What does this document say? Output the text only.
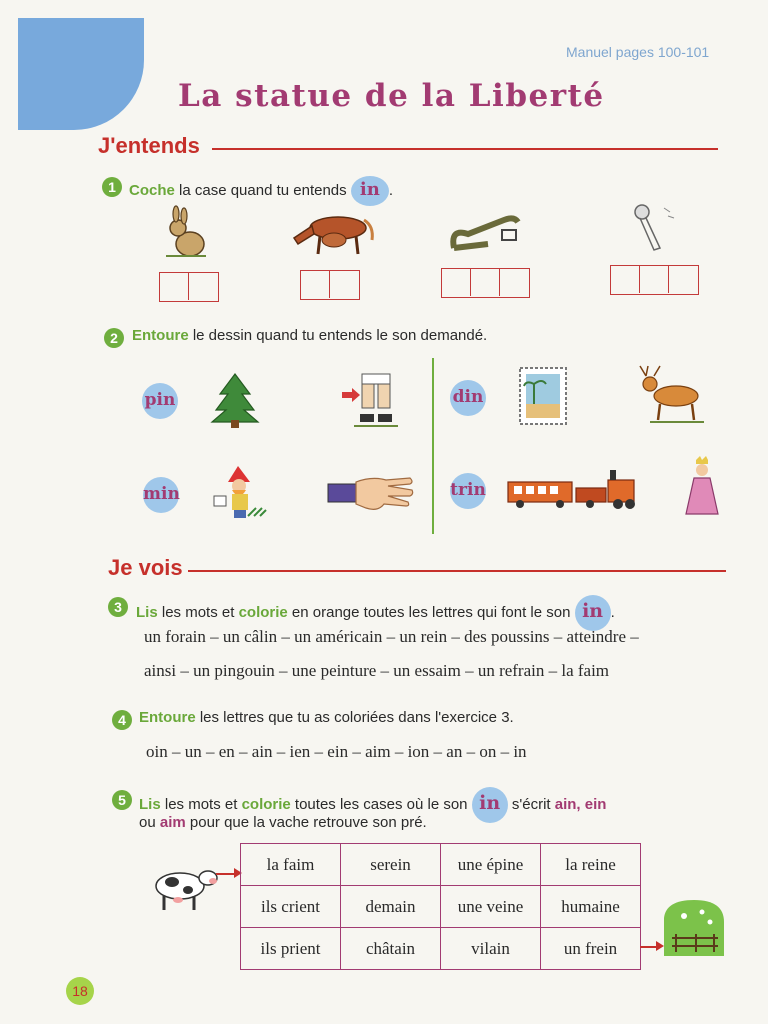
Manuel pages 100-101
La statue de la Liberté
J'entends
1 Coche la case quand tu entends in .
2 Entoure le dessin quand tu entends le son demandé.
pin	din
min	trin
Je vois
3 Lis les mots et colorie en orange toutes les lettres qui font le son in .
un forain – un câlin – un américain – un rein – des poussins – atteindre –
ainsi – un pingouin – une peinture – un essaim – un refrain – la faim
4 Entoure les lettres que tu as coloriées dans l'exercice 3.
oin – un – en – ain – ien – ein – aim – ion – an – on – in
5 Lis les mots et colorie toutes les cases où le son in s'écrit ain, ein
ou aim pour que la vache retrouve son pré.
la faim	serein	une épine	la reine
ils crient	demain	une veine	humaine
ils prient	châtain	vilain	un frein
18
